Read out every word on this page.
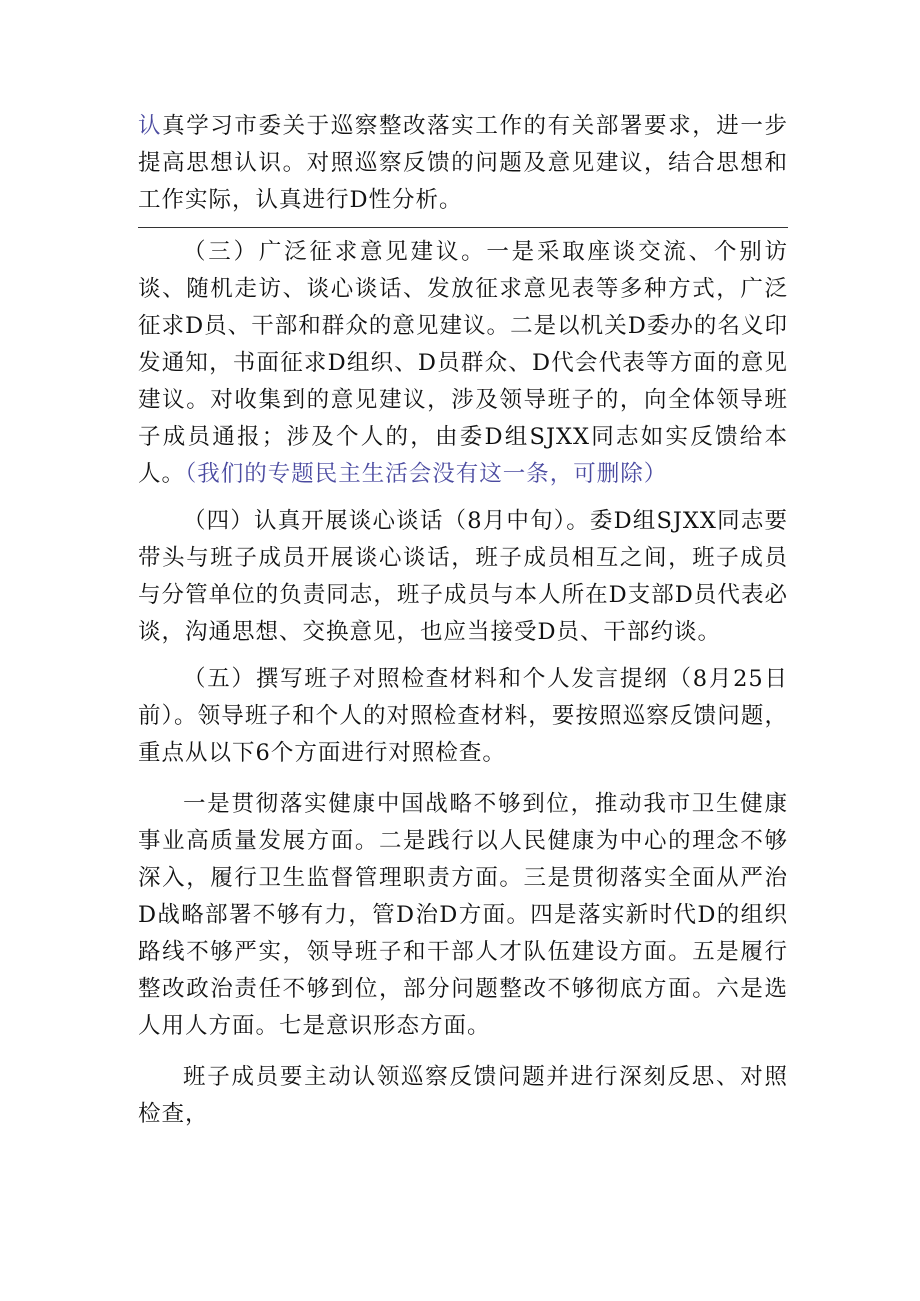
认真学习市委关于巡察整改落实工作的有关部署要求，进一步提高思想认识。对照巡察反馈的问题及意见建议，结合思想和工作实际，认真进行D性分析。

（三）广泛征求意见建议。一是采取座谈交流、个别访谈、随机走访、谈心谈话、发放征求意见表等多种方式，广泛征求D员、干部和群众的意见建议。二是以机关D委办的名义印发通知，书面征求D组织、D员群众、D代会代表等方面的意见建议。对收集到的意见建议，涉及领导班子的，向全体领导班子成员通报；涉及个人的，由委D组SJXX同志如实反馈给本人。（我们的专题民主生活会没有这一条，可删除）

（四）认真开展谈心谈话（8月中旬）。委D组SJXX同志要带头与班子成员开展谈心谈话，班子成员相互之间，班子成员与分管单位的负责同志，班子成员与本人所在D支部D员代表必谈，沟通思想、交换意见，也应当接受D员、干部约谈。

（五）撰写班子对照检查材料和个人发言提纲（8月25日前）。领导班子和个人的对照检查材料，要按照巡察反馈问题，重点从以下6个方面进行对照检查。

一是贯彻落实健康中国战略不够到位，推动我市卫生健康事业高质量发展方面。二是践行以人民健康为中心的理念不够深入，履行卫生监督管理职责方面。三是贯彻落实全面从严治D战略部署不够有力，管D治D方面。四是落实新时代D的组织路线不够严实，领导班子和干部人才队伍建设方面。五是履行整改政治责任不够到位，部分问题整改不够彻底方面。六是选人用人方面。七是意识形态方面。

班子成员要主动认领巡察反馈问题并进行深刻反思、对照检查，
